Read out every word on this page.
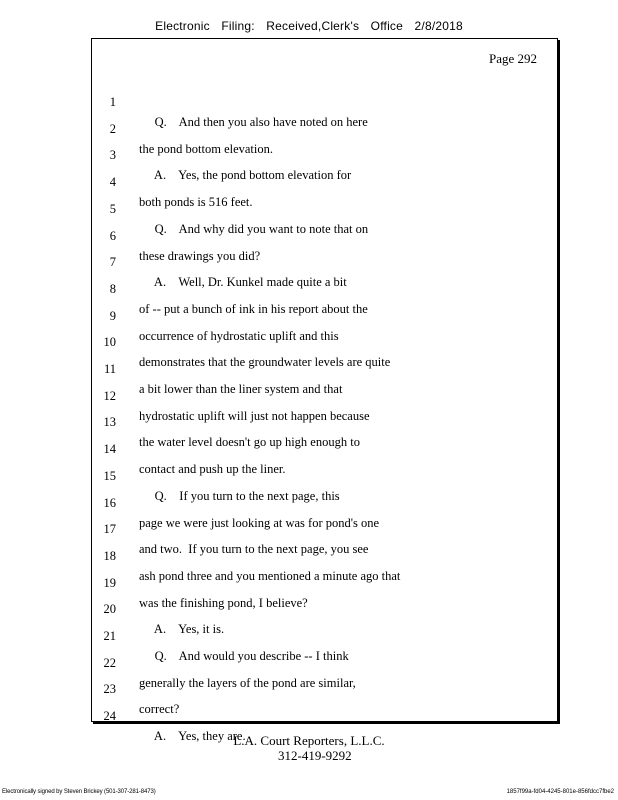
Electronic Filing: Received,Clerk's Office 2/8/2018
Page 292

1

Q.    And then you also have noted on here

2

the pond bottom elevation.

3

A.    Yes, the pond bottom elevation for

4

both ponds is 516 feet.

5

Q.    And why did you want to note that on

6

these drawings you did?

7

A.    Well, Dr. Kunkel made quite a bit

8

of -- put a bunch of ink in his report about the

9

occurrence of hydrostatic uplift and this

10

demonstrates that the groundwater levels are quite

11

a bit lower than the liner system and that

12

hydrostatic uplift will just not happen because

13

the water level doesn't go up high enough to

14

contact and push up the liner.

15

Q.    If you turn to the next page, this

16

page we were just looking at was for pond's one

17

and two.  If you turn to the next page, you see

18

ash pond three and you mentioned a minute ago that

19

was the finishing pond, I believe?

20

A.    Yes, it is.

21

Q.    And would you describe -- I think

22

generally the layers of the pond are similar,

23

correct?

24

A.    Yes, they are.

L.A. Court Reporters, L.L.C.
312-419-9292
Electronically signed by Steven Brickey (501-307-281-8473)	1857f99a-fd04-4245-801e-856fdcc7fbe2
